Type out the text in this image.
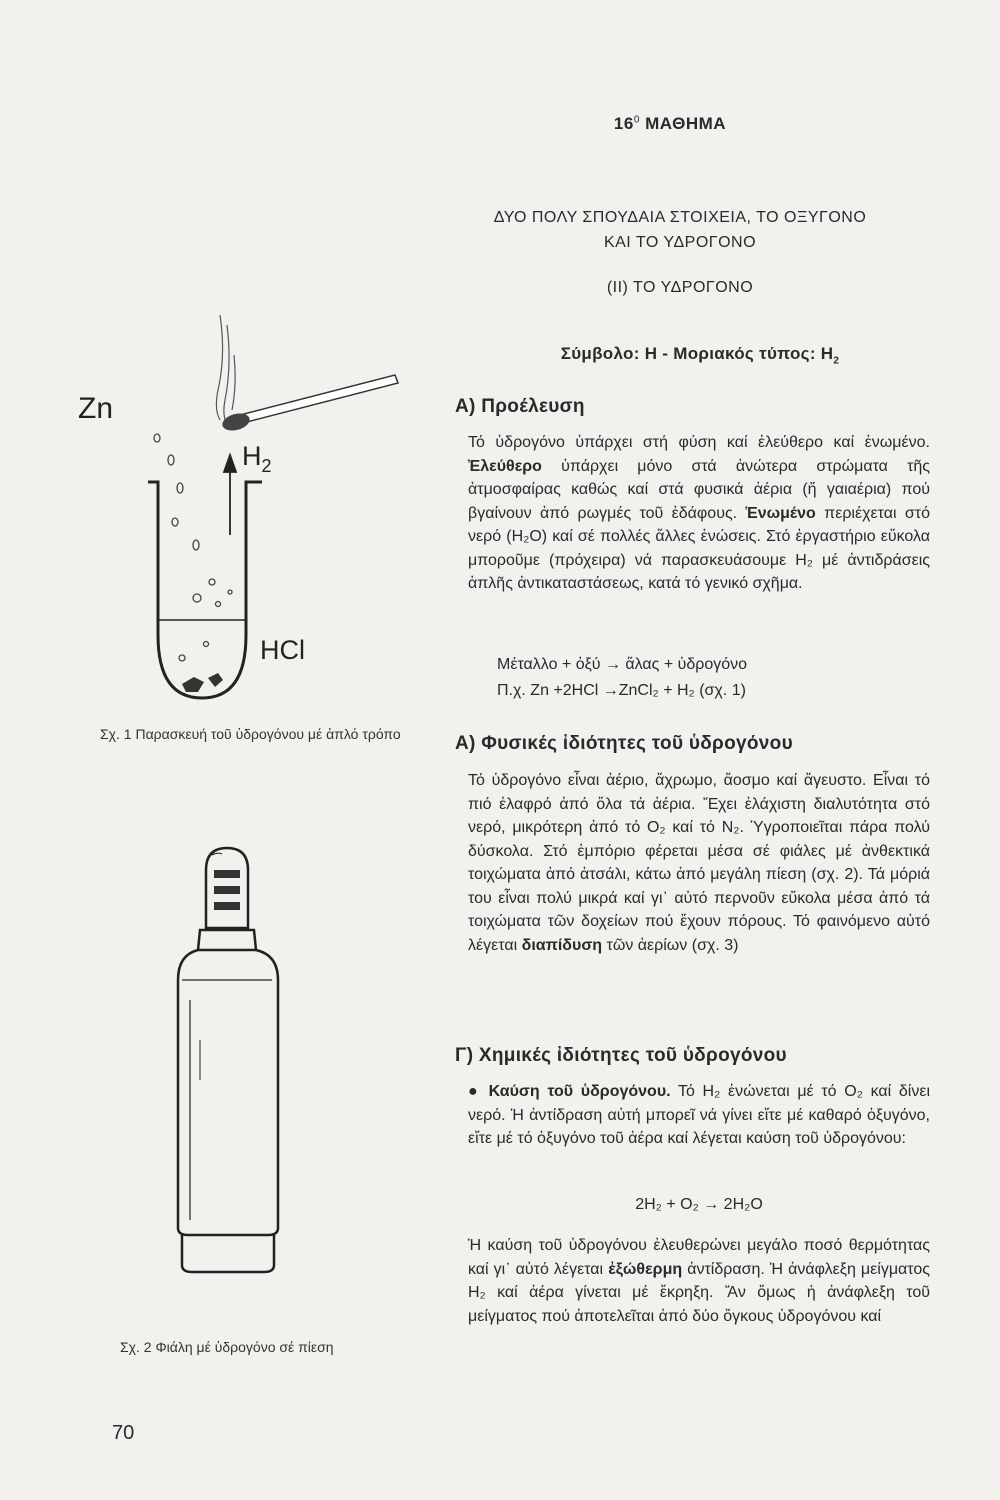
$16^0$ ΜΑΘΗΜΑ
ΔΥΟ ΠΟΛΥ ΣΠΟΥΔΑΙΑ ΣΤΟΙΧΕΙΑ, ΤΟ ΟΞΥΓΟΝΟ
ΚΑΙ ΤΟ ΥΔΡΟΓΟΝΟ
(ΙΙ) ΤΟ ΥΔΡΟΓΟΝΟ
Σύμβολο: Η - Μοριακός τύπος: $H_2$
Α) Προέλευση

Τό ὑδρογόνο ὑπάρχει στή φύση καί ἐλεύθερο καί ἑνωμένο. Ἐλεύθερο ὑπάρχει μόνο στά ἀνώτερα στρώματα τῆς ἀτμοσφαίρας καθώς καί στά φυσικά ἀέρια (ἤ γαιαέρια) πού βγαίνουν ἀπό ρωγμές τοῦ ἐδάφους. Ἑνωμένο περιέχεται στό νερό (Η₂Ο) καί σέ πολλές ἄλλες ἑνώσεις. Στό ἐργαστήριο εὔκολα μποροῦμε (πρόχειρα) νά παρασκευάσουμε Η₂ μέ ἀντιδράσεις ἁπλῆς ἀντικαταστάσεως, κατά τό γενικό σχῆμα.

Μέταλλο + ὀξύ → ἅλας + ὑδρογόνο
Π.χ. Zn +2HCl →ZnCl₂ + H₂ (σχ. 1)
Α) Φυσικές ἰδιότητες τοῦ ὑδρογόνου

Τό ὑδρογόνο εἶναι ἀέριο, ἄχρωμο, ἄοσμο καί ἄγευστο. Εἶναι τό πιό ἐλαφρό ἀπό ὅλα τά ἀέρια. Ἔχει ἐλάχιστη διαλυτότητα στό νερό, μικρότερη ἀπό τό Ο₂ καί τό Ν₂. Ὑγροποιεῖται πάρα πολύ δύσκολα. Στό ἐμπόριο φέρεται μέσα σέ φιάλες μέ ἀνθεκτικά τοιχώματα ἀπό ἀτσάλι, κάτω ἀπό μεγάλη πίεση (σχ. 2). Τά μόριά του εἶναι πολύ μικρά καί γι᾽ αὐτό περνοῦν εὔκολα μέσα ἀπό τά τοιχώματα τῶν δοχείων πού ἔχουν πόρους. Τό φαινόμενο αὐτό λέγεται διαπίδυση τῶν ἀερίων (σχ. 3)

Γ) Χημικές ἰδιότητες τοῦ ὑδρογόνου

● Καύση τοῦ ὑδρογόνου. Τό Η₂ ἑνώνεται μέ τό Ο₂ καί δίνει νερό. Ἡ ἀντίδραση αὐτή μπορεῖ νά γίνει εἴτε μέ καθαρό ὀξυγόνο, εἴτε μέ τό ὀξυγόνο τοῦ ἀέρα καί λέγεται καύση τοῦ ὑδρογόνου:

2H₂ + O₂ → 2H₂O

Ἡ καύση τοῦ ὑδρογόνου ἐλευθερώνει μεγάλο ποσό θερμότητας καί γι᾽ αὐτό λέγεται ἐξώθερμη ἀντίδραση. Ἡ ἀνάφλεξη μείγματος Η₂ καί ἀέρα γίνεται μέ ἔκρηξη. Ἄν ὅμως ἡ ἀνάφλεξη τοῦ μείγματος πού ἀποτελεῖται ἀπό δύο ὄγκους ὑδρογόνου καί

Zn
$H_2$
HCl
Σχ. 1 Παρασκευή τοῦ ὑδρογόνου μέ ἁπλό τρόπο
Σχ. 2 Φιάλη μέ ὑδρογόνο σέ πίεση
70
